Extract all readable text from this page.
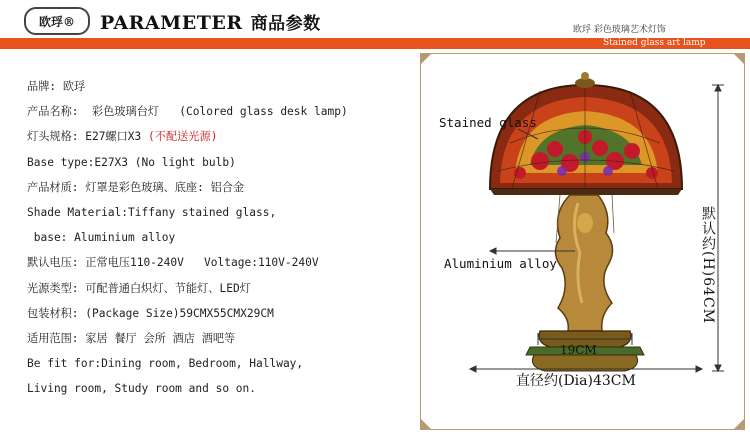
欧琈®	PARAMETER 商品参数	欧琈 彩色玻璃艺术灯饰
Stained glass art lamp
品牌: 欧琈
产品名称:  彩色玻璃台灯   (Colored glass desk lamp)
灯头规格: E27螺口X3 (不配送光源)
Base type:E27X3 (No light bulb)
产品材质: 灯罩是彩色玻璃、底座: 铝合金
Shade Material:Tiffany stained glass,
base: Aluminium alloy
默认电压: 正常电压110-240V   Voltage:110V-240V
光源类型: 可配普通白炽灯、节能灯、LED灯
包装材积: (Package Size)59CMX55CMX29CM
适用范围: 家居 餐厅 会所 酒店 酒吧等
Be fit for:Dining room, Bedroom, Hallway,
Living room, Study room and so on.
Stained glass
Aluminium alloy	默认约(H)64CM
19CM
直径约(Dia)43CM
